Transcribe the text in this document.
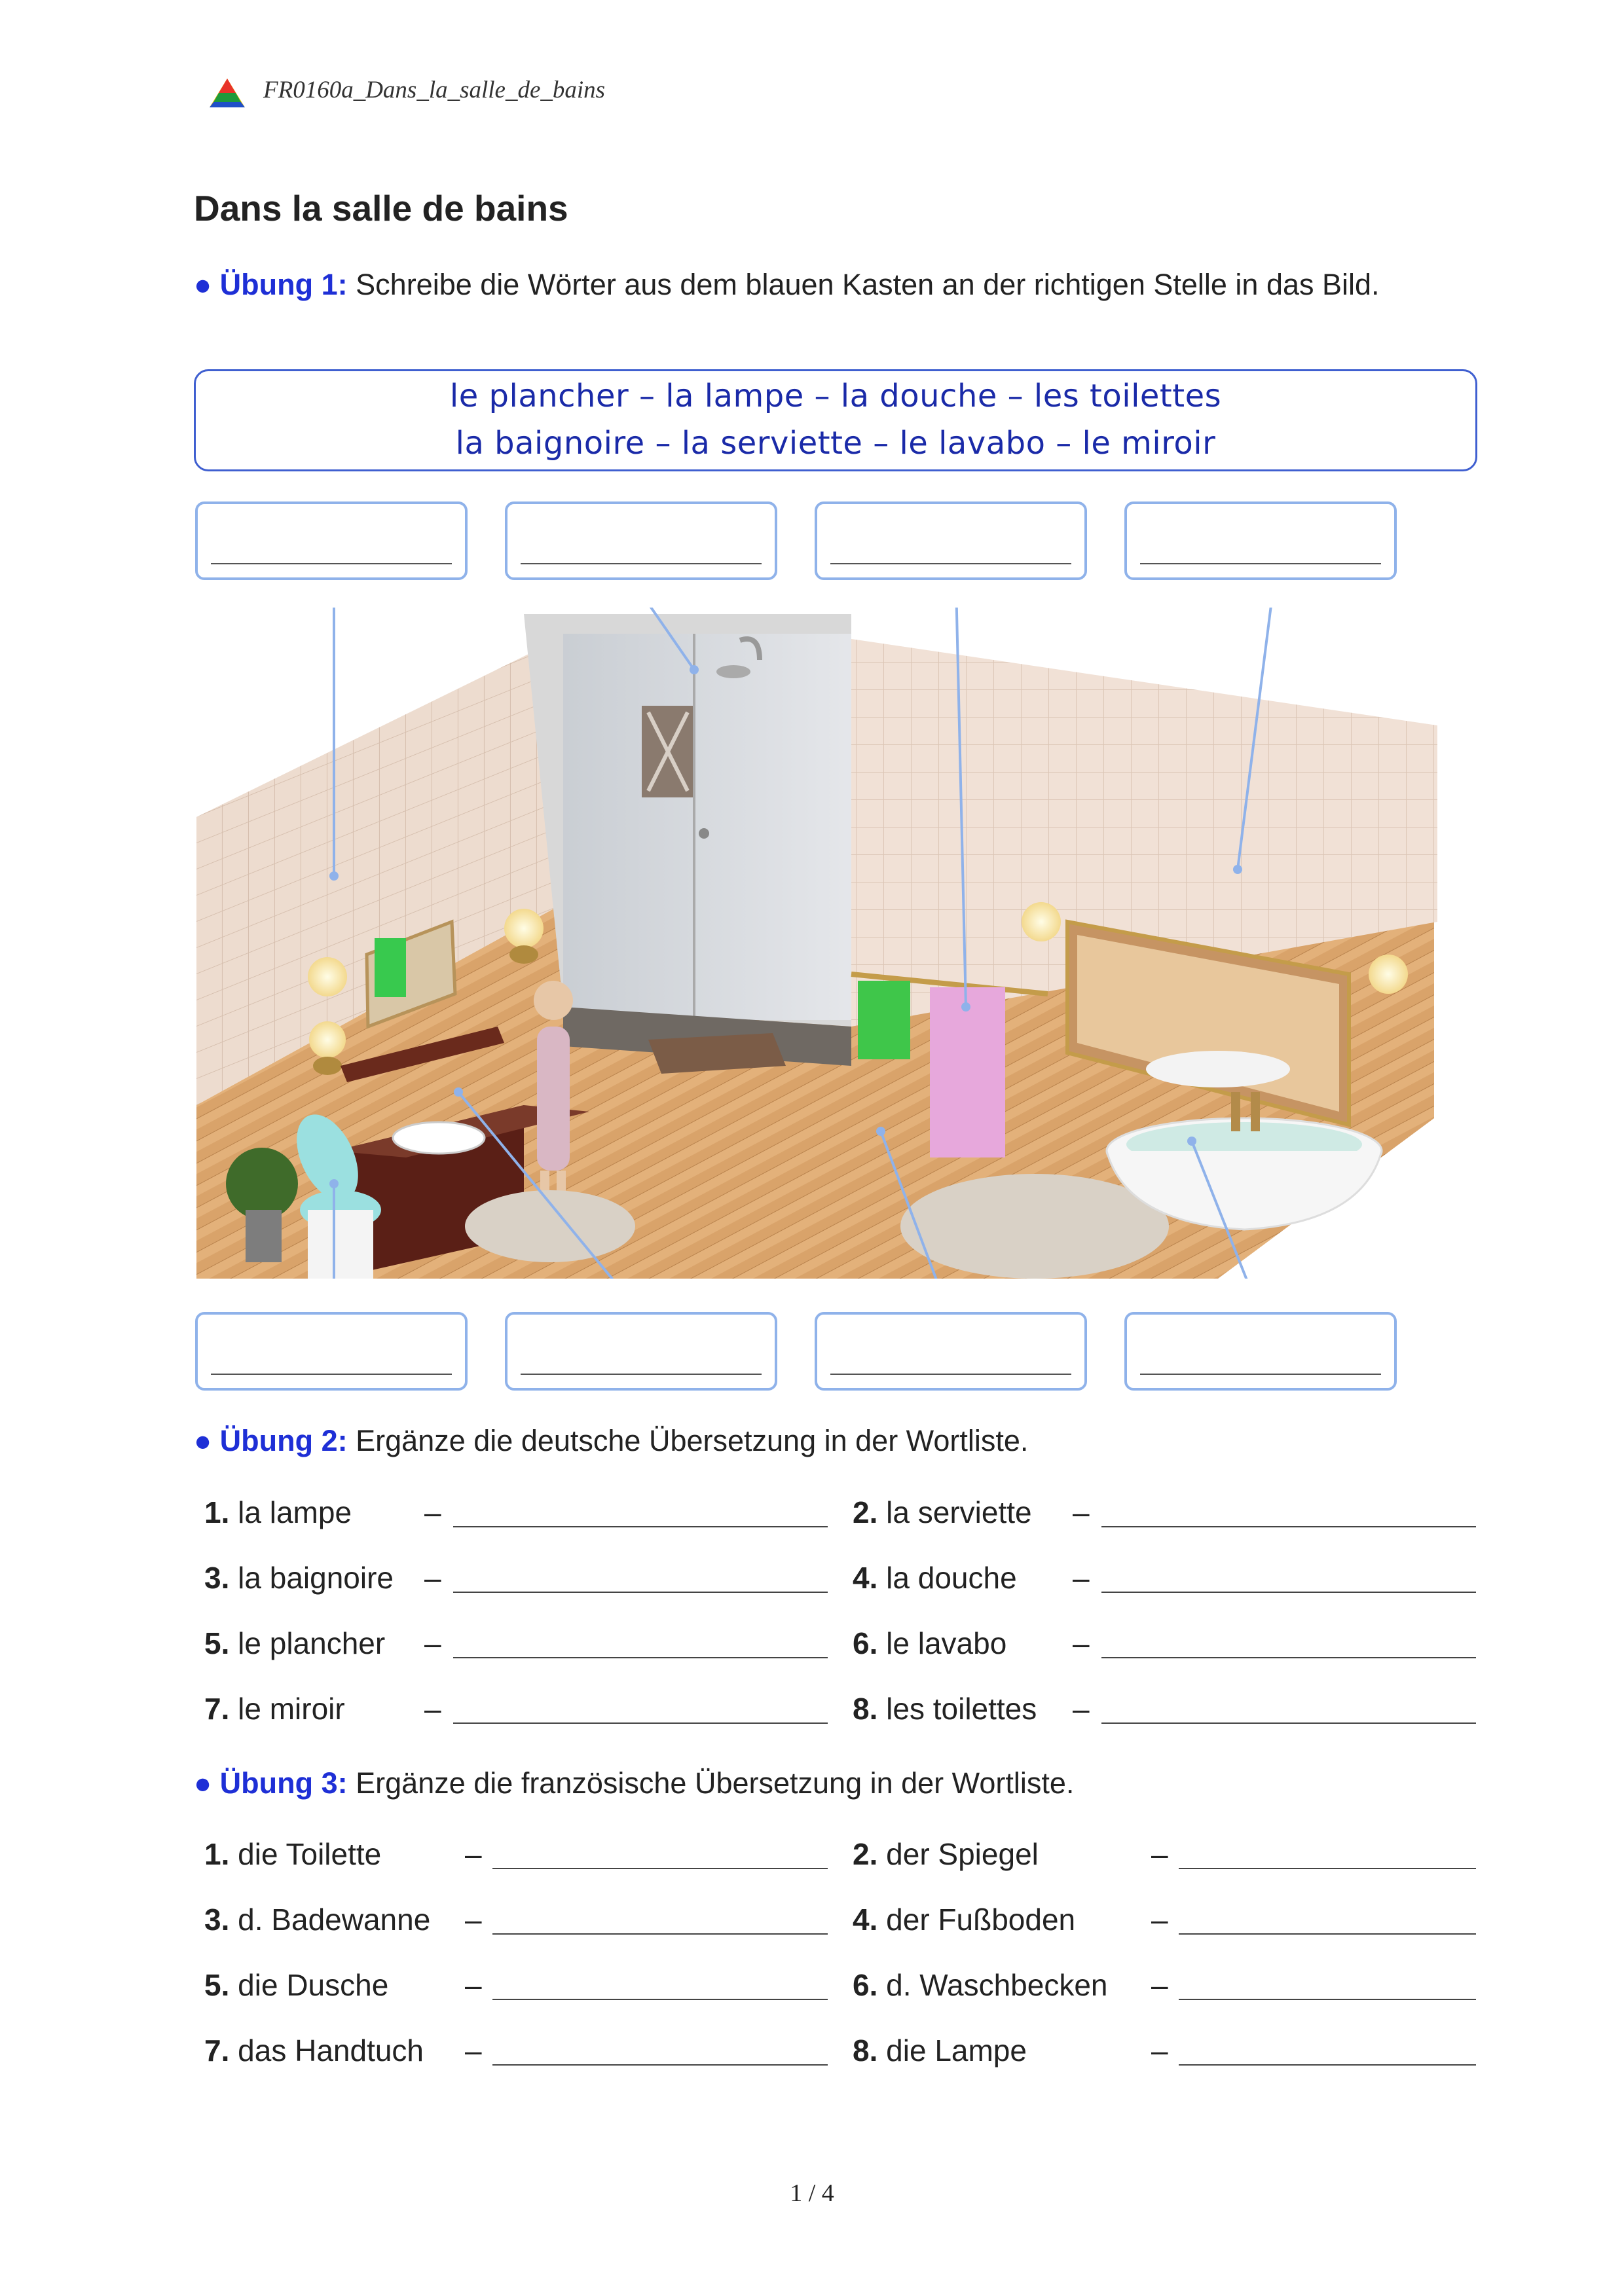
FR0160a_Dans_la_salle_de_bains
Dans la salle de bains
● Übung 1: Schreibe die Wörter aus dem blauen Kasten an der richtigen Stelle in das Bild.
le plancher – la lampe – la douche – les toilettes
la baignoire – la serviette – le lavabo – le miroir
● Übung 2: Ergänze die deutsche Übersetzung in der Wortliste.
1. la lampe –	2. la serviette –
3. la baignoire –	4. la douche –
5. le plancher –	6. le lavabo –
7. le miroir	–	8. les toilettes –
● Übung 3: Ergänze die französische Übersetzung in der Wortliste.
1. die Toilette	–	2. der Spiegel	–
3. d. Badewanne –	4. der Fußboden	–
5. die Dusche	–	6. d. Waschbecken –
7. das Handtuch –	8. die Lampe	–
1 / 4
